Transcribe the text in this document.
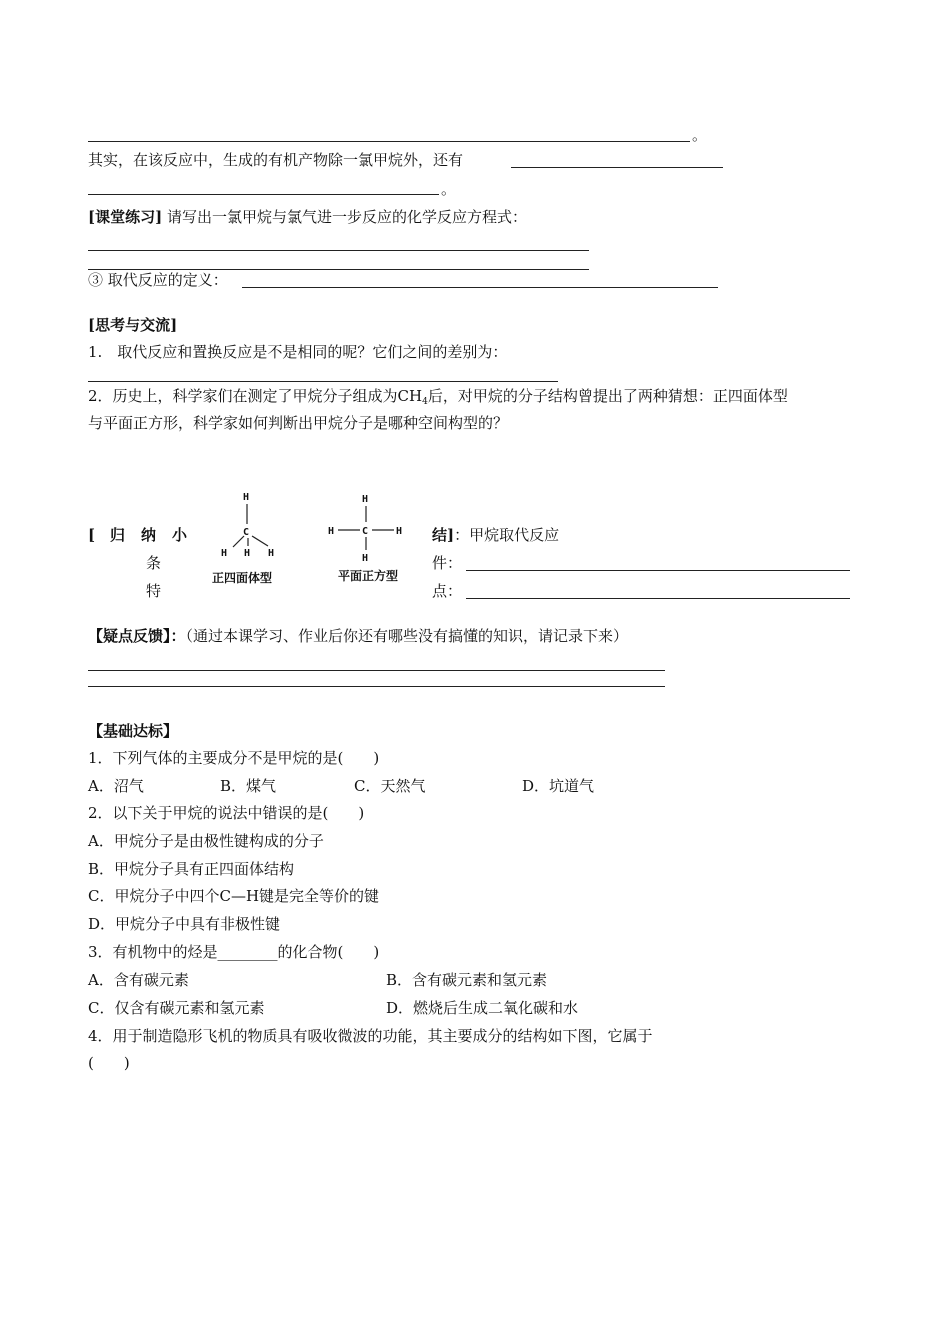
。
其实，在该反应中，生成的有机产物除一氯甲烷外，还有
。
[课堂练习] 请写出一氯甲烷与氯气进一步反应的化学反应方程式：
③ 取代反应的定义：
[思考与交流]
1.　取代反应和置换反应是不是相同的呢？它们之间的差别为：
2．历史上，科学家们在测定了甲烷分子组成为$CH_4$后，对甲烷的分子结构曾提出了两种猜想：正四面体型
与平面正方形，科学家如何判断出甲烷分子是哪种空间构型的？
[ 归 纳 小
条
特
H
C
H H H
正四面体型
H
H	C	H
H
平面正方型
结]：甲烷取代反应
件：
点：
【疑点反馈】：（通过本课学习、作业后你还有哪些没有搞懂的知识，请记录下来）
【基础达标】
1．下列气体的主要成分不是甲烷的是(　　)
A．沼气	B．煤气	C．天然气	D．坑道气
2．以下关于甲烷的说法中错误的是(　　)
A．甲烷分子是由极性键构成的分子
B．甲烷分子具有正四面体结构
C．甲烷分子中四个C—H键是完全等价的键
D．甲烷分子中具有非极性键
3．有机物中的烃是________的化合物(　　)
A．含有碳元素	B．含有碳元素和氢元素
C．仅含有碳元素和氢元素	D．燃烧后生成二氧化碳和水
4．用于制造隐形飞机的物质具有吸收微波的功能，其主要成分的结构如下图，它属于
(　　)
